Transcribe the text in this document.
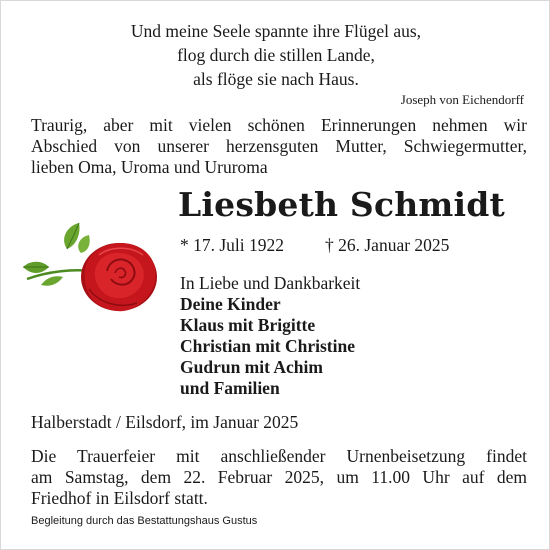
Und meine Seele spannte ihre Flügel aus,
flog durch die stillen Lande,
als flöge sie nach Haus.
Joseph von Eichendorff
Traurig, aber mit vielen schönen Erinnerungen nehmen wir
Abschied von unserer herzensguten Mutter, Schwiegermutter,
lieben Oma, Uroma und Ururoma
Liesbeth Schmidt
* 17. Juli 1922 † 26. Januar 2025
In Liebe und Dankbarkeit
Deine Kinder
Klaus mit Brigitte
Christian mit Christine
Gudrun mit Achim
und Familien
Halberstadt / Eilsdorf, im Januar 2025
Die Trauerfeier mit anschließender Urnenbeisetzung findet
am Samstag, dem 22. Februar 2025, um 11.00 Uhr auf dem
Friedhof in Eilsdorf statt.
Begleitung durch das Bestattungshaus Gustus
